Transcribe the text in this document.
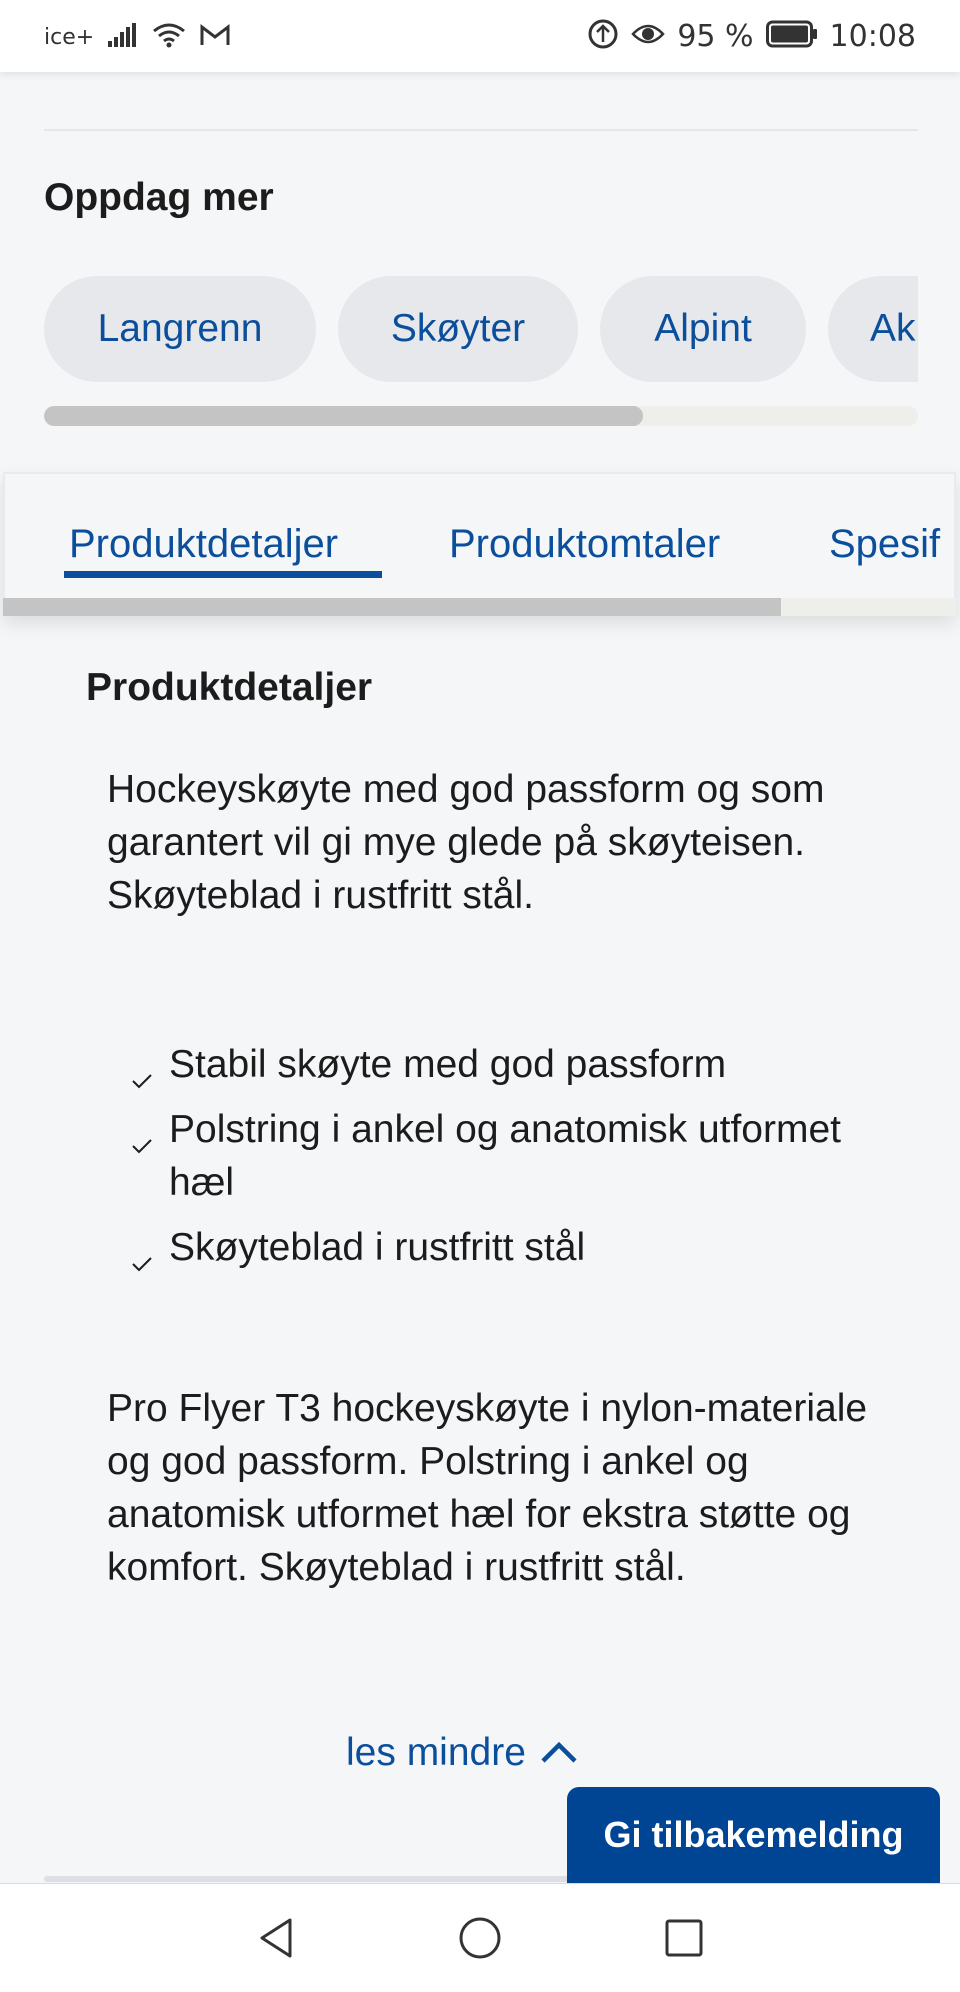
ice+	95 %	10:08
Oppdag mer
Langrenn	Skøyter	Alpint	Ak
Produktdetaljer	Produktomtaler	Spesif
Produktdetaljer

Hockeyskøyte med god passform og som garantert vil gi mye glede på skøyteisen. Skøyteblad i rustfritt stål.

Stabil skøyte med god passform
Polstring i ankel og anatomisk utformet hæl
Skøyteblad i rustfritt stål

Pro Flyer T3 hockeyskøyte i nylon-materiale og god passform. Polstring i ankel og anatomisk utformet hæl for ekstra støtte og komfort. Skøyteblad i rustfritt stål.

les mindre
Gi tilbakemelding
